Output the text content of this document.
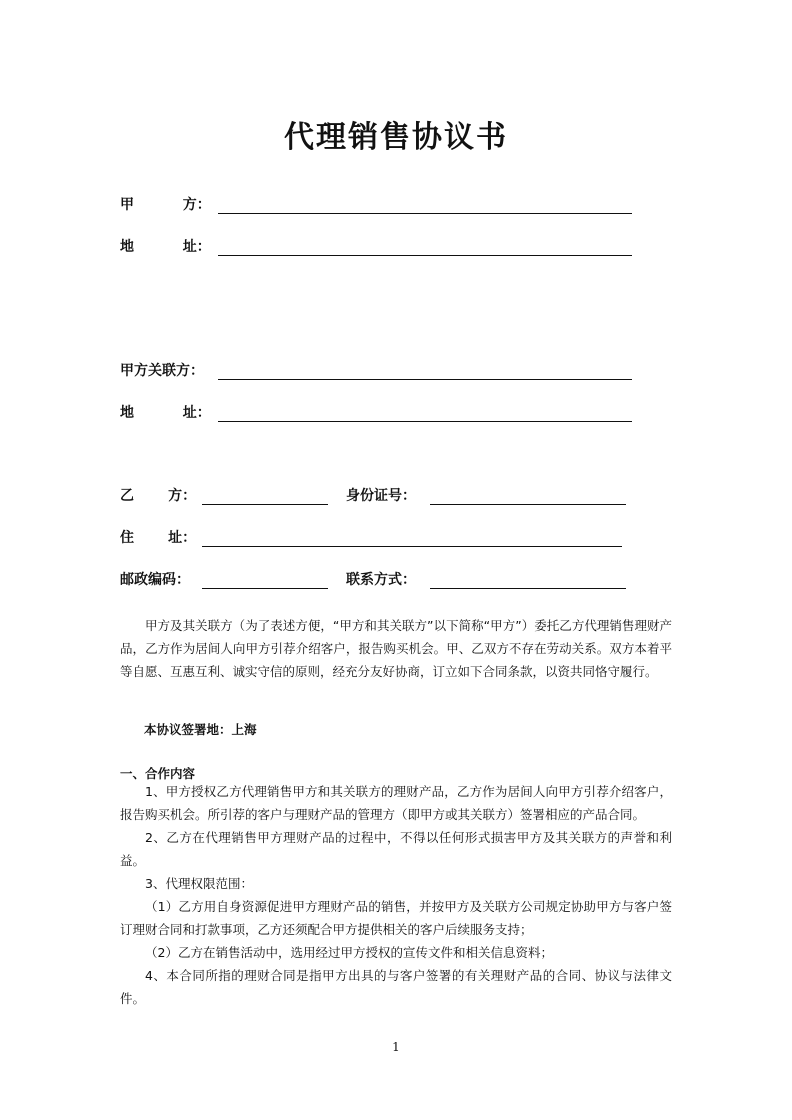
代理销售协议书
甲          方：
地          址：
甲方关联方：
地          址：
乙       方：	身份证号：
住       址：
邮政编码：	联系方式：
甲方及其关联方（为了表述方便，“甲方和其关联方”以下简称“甲方”）委托乙方代理销售理财产品，乙方作为居间人向甲方引荐介绍客户，报告购买机会。甲、乙双方不存在劳动关系。双方本着平等自愿、互惠互利、诚实守信的原则，经充分友好协商，订立如下合同条款，以资共同恪守履行。
本协议签署地：上海
一、合作内容
1、甲方授权乙方代理销售甲方和其关联方的理财产品，乙方作为居间人向甲方引荐介绍客户，报告购买机会。所引荐的客户与理财产品的管理方（即甲方或其关联方）签署相应的产品合同。
2、乙方在代理销售甲方理财产品的过程中，不得以任何形式损害甲方及其关联方的声誉和利益。
3、代理权限范围：
（1）乙方用自身资源促进甲方理财产品的销售，并按甲方及关联方公司规定协助甲方与客户签订理财合同和打款事项，乙方还须配合甲方提供相关的客户后续服务支持；
（2）乙方在销售活动中，选用经过甲方授权的宣传文件和相关信息资料；
4、本合同所指的理财合同是指甲方出具的与客户签署的有关理财产品的合同、协议与法律文件。
1
